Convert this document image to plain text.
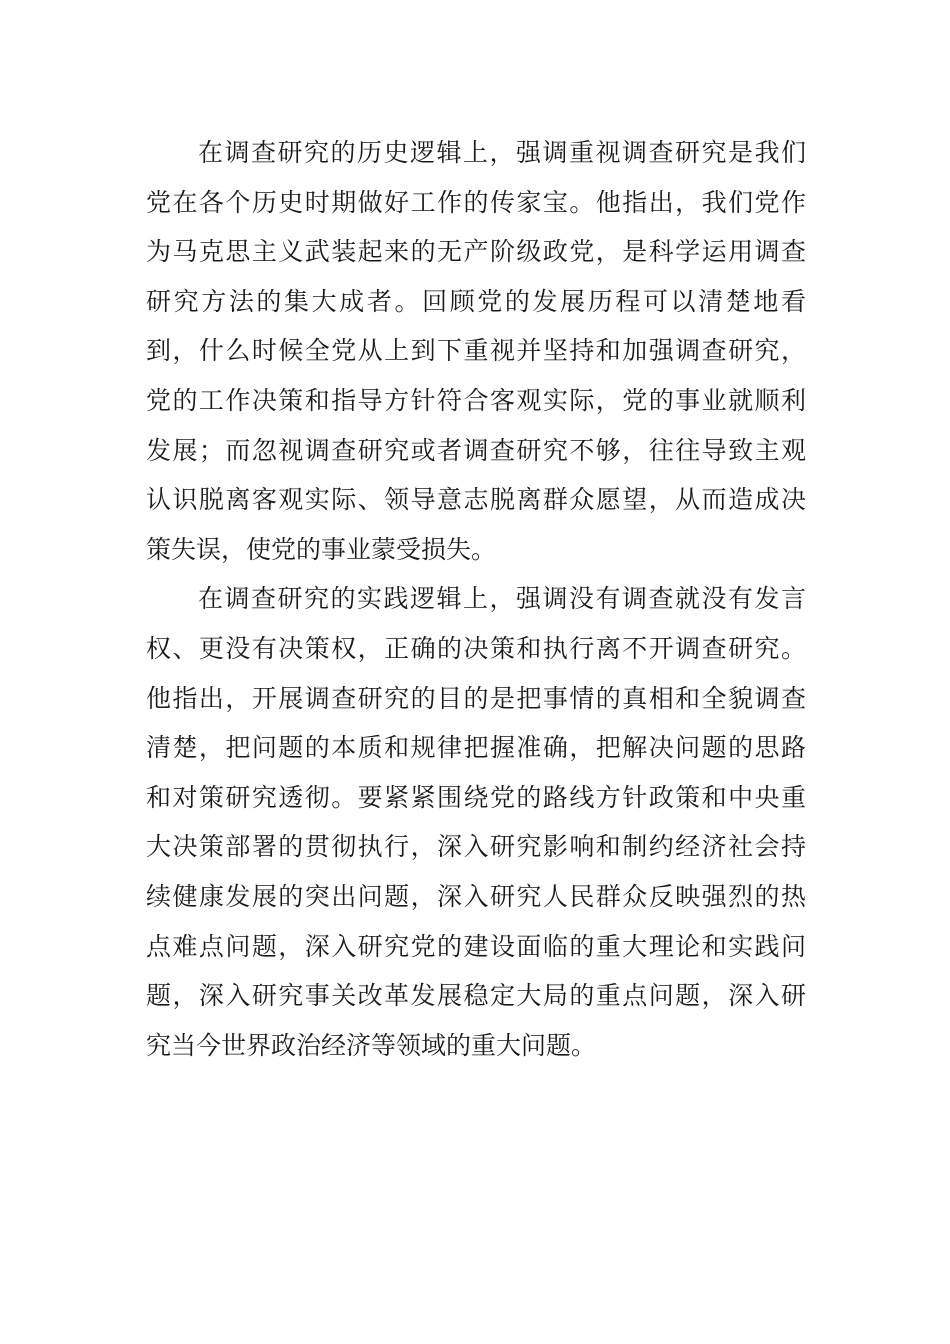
在调查研究的历史逻辑上，强调重视调查研究是我们
党在各个历史时期做好工作的传家宝。他指出，我们党作
为马克思主义武装起来的无产阶级政党，是科学运用调查
研究方法的集大成者。回顾党的发展历程可以清楚地看
到，什么时候全党从上到下重视并坚持和加强调查研究，
党的工作决策和指导方针符合客观实际，党的事业就顺利
发展；而忽视调查研究或者调查研究不够，往往导致主观
认识脱离客观实际、领导意志脱离群众愿望，从而造成决
策失误，使党的事业蒙受损失。
在调查研究的实践逻辑上，强调没有调查就没有发言
权、更没有决策权，正确的决策和执行离不开调查研究。
他指出，开展调查研究的目的是把事情的真相和全貌调查
清楚，把问题的本质和规律把握准确，把解决问题的思路
和对策研究透彻。要紧紧围绕党的路线方针政策和中央重
大决策部署的贯彻执行，深入研究影响和制约经济社会持
续健康发展的突出问题，深入研究人民群众反映强烈的热
点难点问题，深入研究党的建设面临的重大理论和实践问
题，深入研究事关改革发展稳定大局的重点问题，深入研
究当今世界政治经济等领域的重大问题。
